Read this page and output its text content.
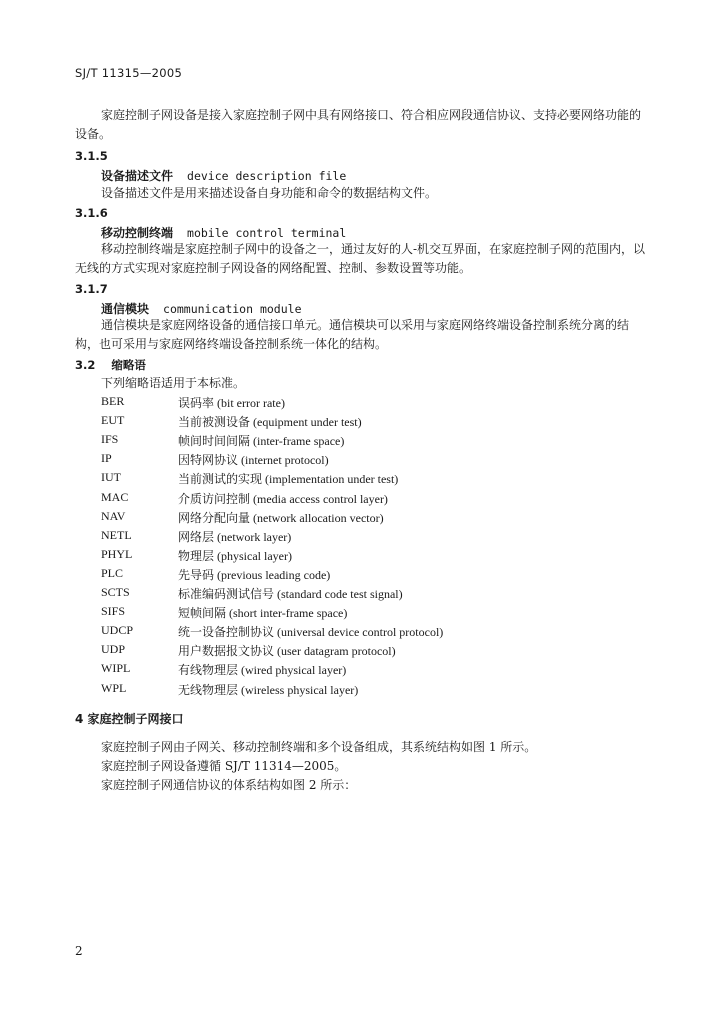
SJ/T 11315—2005
家庭控制子网设备是接入家庭控制子网中具有网络接口、符合相应网段通信协议、支持必要网络功能的设备。
3.1.5
设备描述文件 device description file
设备描述文件是用来描述设备自身功能和命令的数据结构文件。
3.1.6
移动控制终端 mobile control terminal
移动控制终端是家庭控制子网中的设备之一，通过友好的人-机交互界面，在家庭控制子网的范围内，以无线的方式实现对家庭控制子网设备的网络配置、控制、参数设置等功能。
3.1.7
通信模块 communication module
通信模块是家庭网络设备的通信接口单元。通信模块可以采用与家庭网络终端设备控制系统分离的结构，也可采用与家庭网络终端设备控制系统一体化的结构。
3.2 缩略语
下列缩略语适用于本标准。
BER	误码率 (bit error rate)
EUT	当前被测设备 (equipment under test)
IFS	帧间时间间隔 (inter-frame space)
IP	因特网协议 (internet protocol)
IUT	当前测试的实现 (implementation under test)
MAC	介质访问控制 (media access control layer)
NAV	网络分配向量 (network allocation vector)
NETL	网络层 (network layer)
PHYL	物理层 (physical layer)
PLC	先导码 (previous leading code)
SCTS	标准编码测试信号 (standard code test signal)
SIFS	短帧间隔 (short inter-frame space)
UDCP	统一设备控制协议 (universal device control protocol)
UDP	用户数据报文协议 (user datagram protocol)
WIPL	有线物理层 (wired physical layer)
WPL	无线物理层 (wireless physical layer)
4 家庭控制子网接口
家庭控制子网由子网关、移动控制终端和多个设备组成，其系统结构如图 1 所示。
家庭控制子网设备遵循 SJ/T 11314—2005。
家庭控制子网通信协议的体系结构如图 2 所示：
2
